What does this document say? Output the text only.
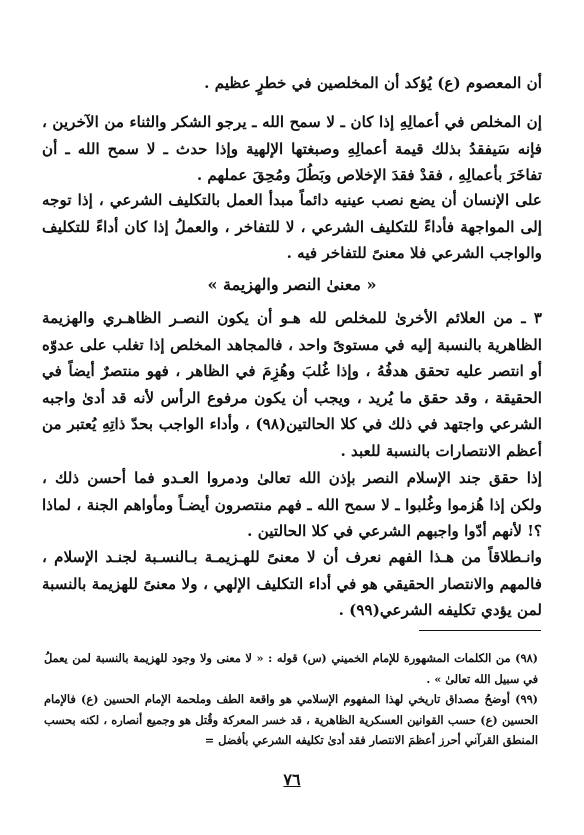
أن المعصوم (ع) يُؤكد أن المخلصين في خطرٍ عظيم .

إن المخلص في أعمالِهِ إذا كان ـ لا سمح الله ـ يرجو الشكر والثناء من الآخرين ، فإنه سَيفقدُ بذلك قيمة أعمالِهِ وصبغتها الإلهية وإذا حدث ـ لا سمح الله ـ أن تفاخَرَ بأعمالِهِ ، فقدْ فقدَ الإخلاص وبَطُلَ ومُحِقَ عملهم .

على الإنسان أن يضع نصب عينيه دائماً مبدأ العمل بالتكليف الشرعي ، إذا توجه إلى المواجهة فأداءً للتكليف الشرعي ، لا للتفاخر ، والعملُ إذا كان أداءً للتكليف والواجب الشرعي فلا معنىً للتفاخر فيه .

« معنىٰ النصر والهزيمة »

٣ ـ من العلائم الأخرىٰ للمخلص لله هـو أن يكون النصـر الظاهـري والهزيمة الظاهرية بالنسبة إليه في مستوىً واحد ، فالمجاهد المخلص إذا تغلب على عدوّه أو انتصر عليه تحقق هدفُهُ ، وإذا غُلبَ وهُزِمَ في الظاهر ، فهو منتصرٌ أيضاً في الحقيقة ، وقد حقق ما يُريد ، ويجب أن يكون مرفوع الرأس لأنه قد أدىٰ واجبه الشرعي واجتهد في ذلك في كلا الحالتين(٩٨) ، وأداء الواجب بحدّ ذاتِهِ يُعتبر من أعظم الانتصارات بالنسبة للعبد .

إذا حقق جند الإسلام النصر بإذن الله تعالىٰ ودمروا العـدو فما أحسن ذلك ، ولكن إذا هُزموا وغُلبوا ـ لا سمح الله ـ فهم منتصرون أيضـاً ومأواهم الجنة ، لماذا ؟! لأنهم أدّوا واجبهم الشرعي في كلا الحالتين .

وانـطلاقاً من هـذا الفهم نعرف أن لا معنىً للهـزيمـة بـالنسـبة لجنـد الإسلام ، فالمهم والانتصار الحقيقي هو في أداء التكليف الإلهي ، ولا معنىً للهزيمة بالنسبة لمن يؤدي تكليفه الشرعي(٩٩) .

(٩٨) من الكلمات المشهورة للإمام الخميني (س) قوله : « لا معنى ولا وجود للهزيمة بالنسبة لمن يعملُ في سبيل الله تعالىٰ » .
(٩٩) أوضحُ مصداق تاريخي لهذا المفهوم الإسلامي هو واقعة الطف وملحمة الإمام الحسين (ع) فالإمام الحسين (ع) حسب القوانين العسكرية الظاهرية ، قد خسر المعركة وقُتل هو وجميع أنصاره ، لكنه بحسب المنطق القرآني أحرز أعظمَ الانتصار فقد أدىٰ تكليفه الشرعي بأفضل =
٧٦
